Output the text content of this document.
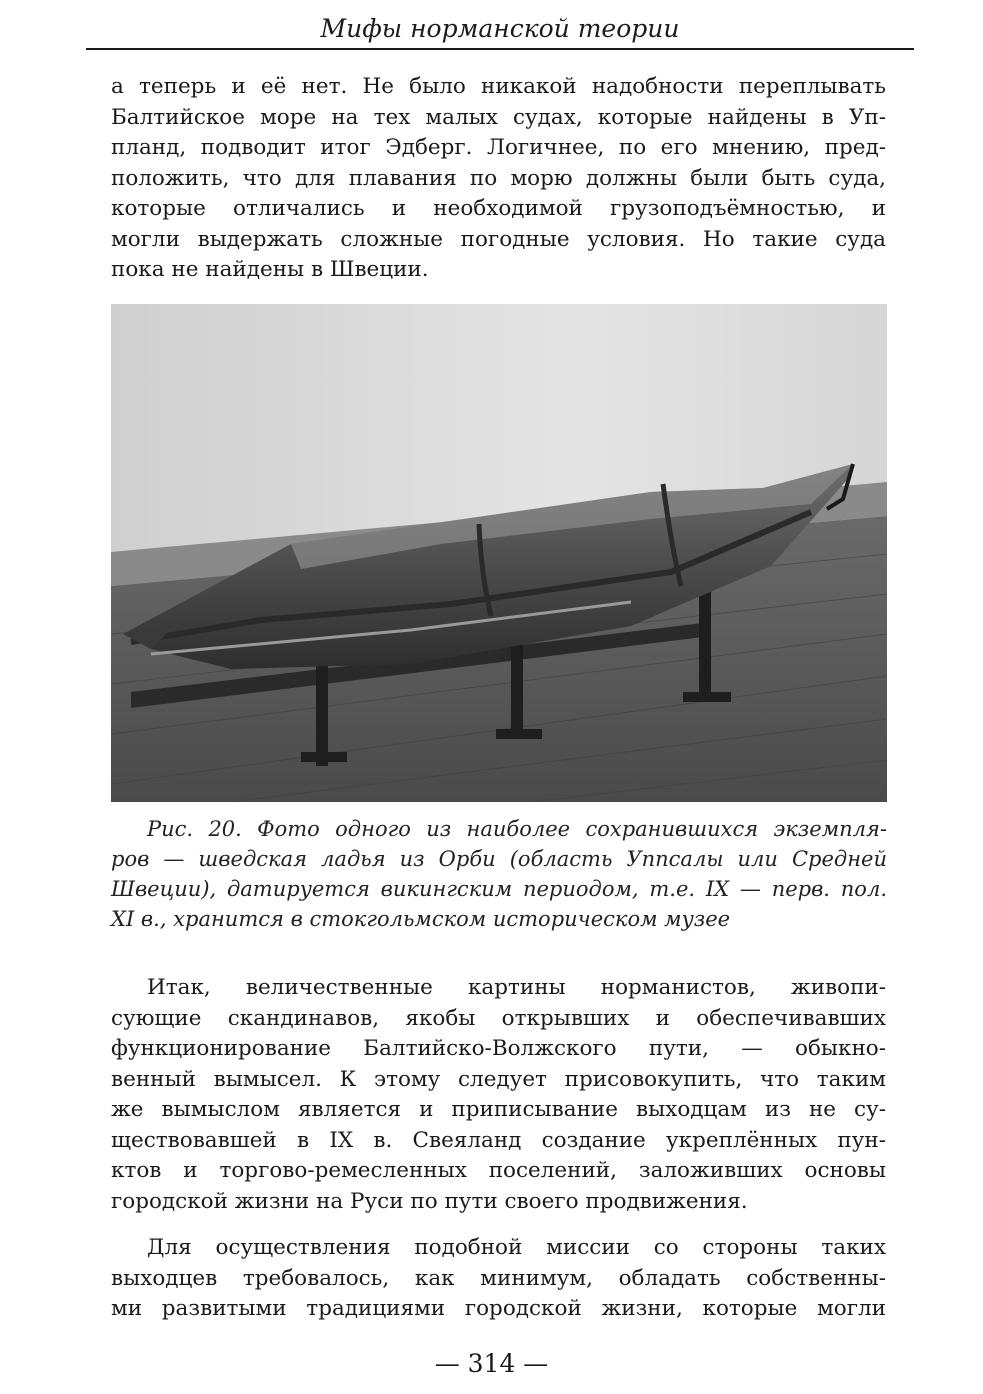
Мифы норманской теории
а теперь и её нет. Не было никакой надобности переплывать
Балтийское море на тех малых судах, которые найдены в Уп-
планд, подводит итог Эдберг. Логичнее, по его мнению, пред-
положить, что для плавания по морю должны были быть суда,
которые отличались и необходимой грузоподъёмностью, и
могли выдержать сложные погодные условия. Но такие суда
пока не найдены в Швеции.
Рис. 20. Фото одного из наиболее сохранившихся экземпля-
ров — шведская ладья из Орби (область Уппсалы или Средней
Швеции), датируется викингским периодом, т.е. IX — перв. пол.
XI в., хранится в стокгольмском историческом музее
Итак, величественные картины норманистов, живопи-
сующие скандинавов, якобы открывших и обеспечивавших
функционирование Балтийско-Волжского пути, — обыкно-
венный вымысел. К этому следует присовокупить, что таким
же вымыслом является и приписывание выходцам из не су-
ществовавшей в IX в. Свеяланд создание укреплённых пун-
ктов и торгово-ремесленных поселений, заложивших основы
городской жизни на Руси по пути своего продвижения.
Для осуществления подобной миссии со стороны таких
выходцев требовалось, как минимум, обладать собственны-
ми развитыми традициями городской жизни, которые могли
— 314 —
